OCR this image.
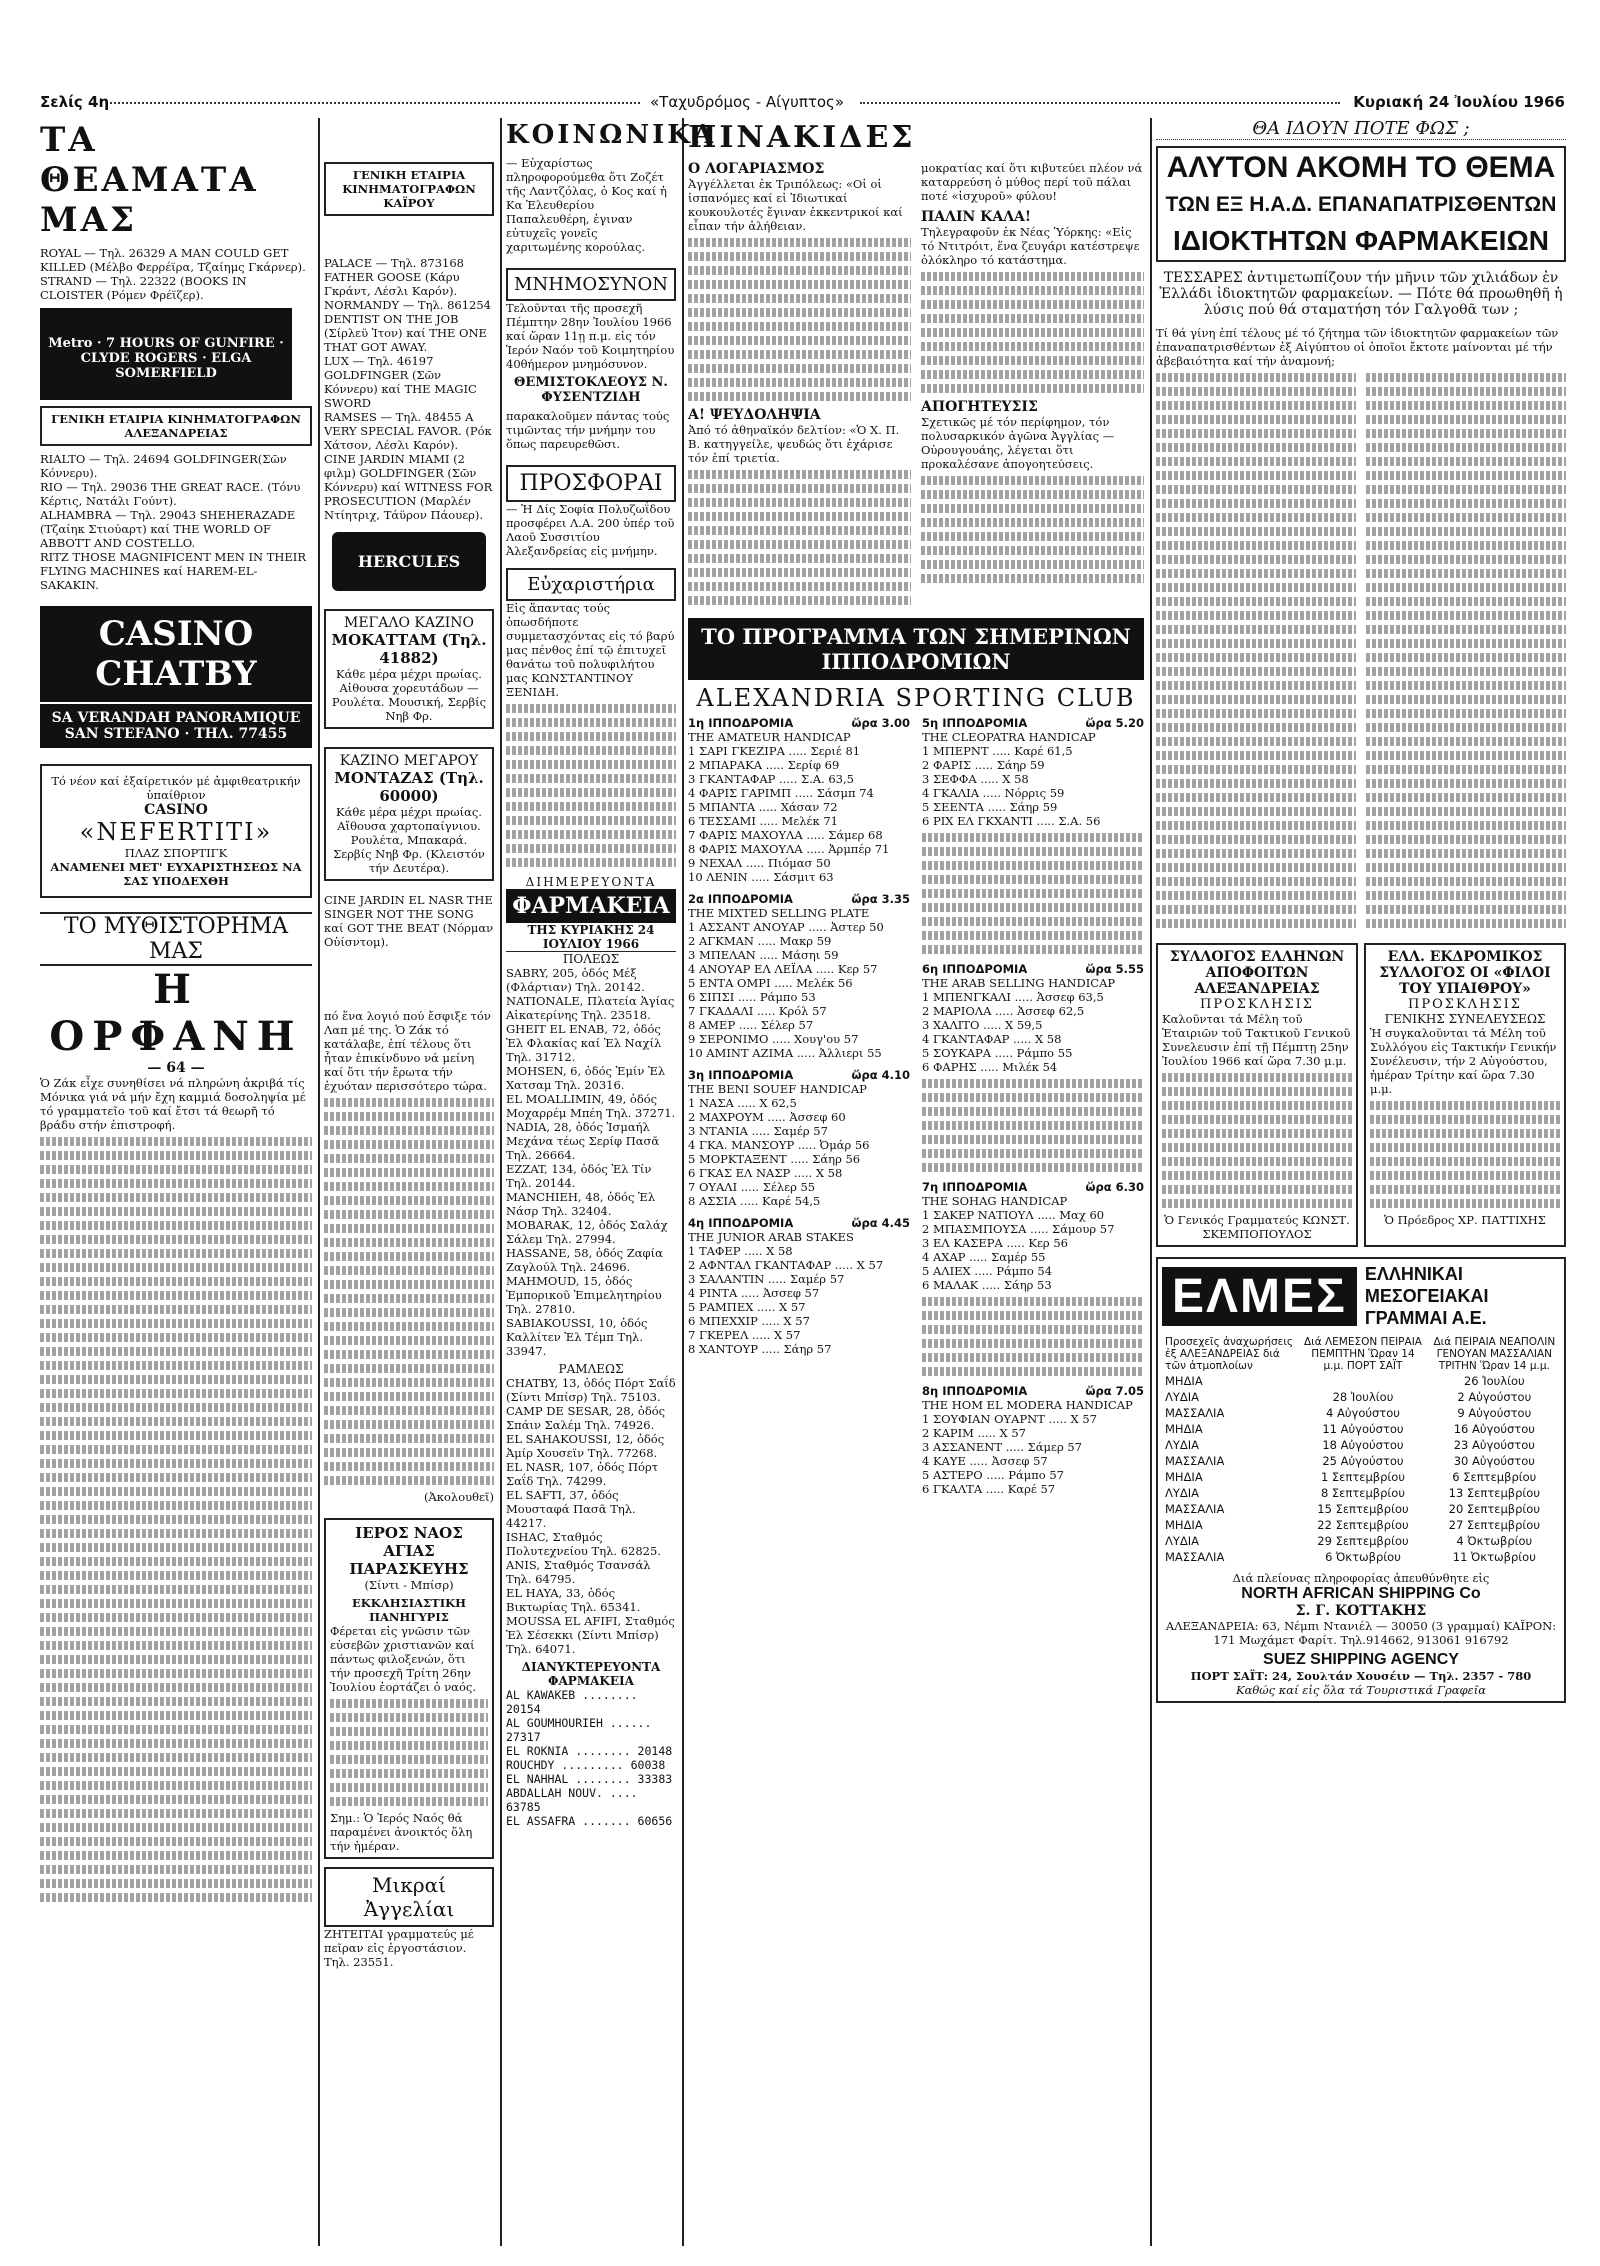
Σελίς 4η	«Ταχυδρόμος - Αίγυπτος»	Κυριακή 24 Ἰουλίου 1966
ΤΑ ΘΕΑΜΑΤΑ ΜΑΣ
ROYAL — Τηλ. 26329 A MAN COULD GET KILLED (Μέλβο Φερρέϊρα, Τζαίημς Γκάρνερ).
STRAND — Τηλ. 22322 (BOOKS IN CLOISTER (Ρόμεν Φρέϊζερ).
Metro · 7 HOURS OF GUNFIRE · CLYDE ROGERS · ELGA SOMERFIELD
ΓΕΝΙΚΗ ΕΤΑΙΡΙΑ ΚΙΝΗΜΑΤΟΓΡΑΦΩΝ ΑΛΕΞΑΝΔΡΕΙΑΣ
RIALTO — Τηλ. 24694 GOLDFINGER(Σῶν Κόννερυ).
RIO — Τηλ. 29036 THE GREAT RACE. (Τόνυ Κέρτις, Νατάλι Γούντ).
ALHAMBRA — Τηλ. 29043 SHEHERAZADE (Τζαίηκ Στιούαρτ) καί THE WORLD OF ABBOTT AND COSTELLO.
RITZ THOSE MAGNIFICENT MEN IN THEIR FLYING MACHINES καί HAREM-EL-SAKAKIN.
CASINO CHATBY
SA VERANDAH PANORAMIQUE SAN STEFANO · ΤΗΛ. 77455
Τό νέον καί ἐξαίρετικόν μέ ἀμφιθεατρικήν ὑπαίθριον
CASINO
«NEFERTITI»
ΠΛΑΖ ΣΠΟΡΤΙΓΚ
ΑΝΑΜΕΝΕΙ ΜΕΤ' ΕΥΧΑΡΙΣΤΗΣΕΩΣ ΝΑ ΣΑΣ ΥΠΟΔΕΧΘΗ
ΤΟ ΜΥΘΙΣΤΟΡΗΜΑ ΜΑΣ
Η ΟΡΦΑΝΗ
— 64 —
Ὁ Ζάκ εἶχε συνηθίσει νά πληρώνη ἀκριβά τίς Μόνικα γιά νά μήν ἔχη καμμιά δοσοληψία μέ τό γραμματεῖο τοῦ καί ἔτσι τά θεωρῆ τό βράδυ στήν ἐπιστροφή.
ΓΕΝΙΚΗ ΕΤΑΙΡΙΑ ΚΙΝΗΜΑΤΟΓΡΑΦΩΝ ΚΑΪΡΟΥ
PALACE — Τηλ. 873168 FATHER GOOSE (Κάρυ Γκράντ, Λέσλι Καρόν).
NORMANDY — Τηλ. 861254 DENTIST ON THE JOB (Σίρλεϋ Ἰτον) καί THE ONE THAT GOT AWAY.
LUX — Τηλ. 46197 GOLDFINGER (Σῶν Κόννερυ) καί THE MAGIC SWORD
RAMSES — Τηλ. 48455 A VERY SPECIAL FAVOR. (Ρόκ Χάτσον, Λέσλι Καρόν).
CINE JARDIN MIAMI (2 φιλμ) GOLDFINGER (Σῶν Κόννερυ) καί WITNESS FOR PROSECUTION (Μαρλέν Ντίητριχ, Τάϋρον Πάουερ).
HERCULES
ΜΕΓΑΛΟ ΚΑΖΙΝΟ
ΜΟΚΑΤΤΑΜ (Τηλ. 41882)
Κάθε μέρα μέχρι πρωίας. Αἰθουσα χορευτάδων — Ρουλέτα. Μουσική, Σερβίς Νηβ Φρ.
ΚΑΖΙΝΟ ΜΕΓΑΡΟΥ
ΜΟΝΤΑΖΑΣ (Τηλ. 60000)
Κάθε μέρα μέχρι πρωίας. Αἴθουσα χαρτοπαίγνιου. Ρουλέτα, Μπακαρά. Σερβίς Νηβ Φρ. (Κλειστόν τήν Δευτέρα).
CINE JARDIN EL NASR THE SINGER NOT THE SONG καί GOT THE BEAT (Νόρμαν Οὐίσντομ).
πό ἕνα λογιό πού ἔσφιξε τόν Λαπ μέ της. Ὁ Ζάκ τό κατάλαβε, ἐπί τέλους ὅτι ἦταν ἐπικίνδυνο νά μείνη καί ὅτι τήν ἔρωτα τήν ἐχυόταν περισσότερο τώρα.
(Ἀκολουθεῖ)
ΙΕΡΟΣ ΝΑΟΣ ΑΓΙΑΣ ΠΑΡΑΣΚΕΥΗΣ
(Σίντι - Μπίσρ)
ΕΚΚΛΗΣΙΑΣΤΙΚΗ ΠΑΝΗΓΥΡΙΣ
Φέρεται εἰς γνῶσιν τῶν εὐσεβῶν χριστιανῶν καί πάντως φιλοξενών, ὅτι τήν προσεχῆ Τρίτη 26ην Ἰουλίου ἑορτάζει ὁ ναός.
Σημ.: Ὁ Ἱερός Ναός θά παραμένει ἀνοικτός ὅλη τήν ἡμέραν.
Μικραί Ἀγγελίαι
ΖΗΤΕΙΤΑΙ γραμματεύς μέ πεῖραν εἰς ἐργοστάσιον. Τηλ. 23551.
ΚΟΙΝΩΝΙΚΑ
— Εὐχαρίστως πληροφορούμεθα ὅτι Ζοζέτ τῆς Λαντζόλας, ὁ Κος καί ἡ Κα Ἐλευθερίου Παπαλευθέρη, ἐγιναν εὐτυχεῖς γονεῖς χαριτωμένης κορούλας.
ΜΝΗΜΟΣΥΝΟΝ
Τελοῦνται τῆς προσεχῆ Πέμπτην 28ην Ἰουλίου 1966 καί ὥραν 11ῃ π.μ. εἰς τόν Ἱερόν Ναόν τοῦ Κοιμητηρίου 40θήμερον μνημόσυνον.
ΘΕΜΙΣΤΟΚΛΕΟΥΣ Ν. ΦΥΣΕΝΤΖΙΔΗ
παρακαλοῦμεν πάντας τούς τιμῶντας τήν μνήμην του ὅπως παρευρεθῶσι.
ΠΡΟΣΦΟΡΑΙ
— Ἡ Δίς Σοφία Πολυζωΐδου προσφέρει Λ.Α. 200 ὑπέρ τοῦ Λαοῦ Συσσιτίου Ἀλεξανδρείας εἰς μνήμην.
Εὐχαριστήρια
Εἰς ἅπαντας τούς ὁπωσδήποτε συμμετασχόντας εἰς τό βαρύ μας πένθος ἐπί τῷ ἐπιτυχεῖ θανάτω τοῦ πολυφιλήτου μας ΚΩΝΣΤΑΝΤΙΝΟΥ ΞΕΝΙΔΗ.
ΔΙΗΜΕΡΕΥΟΝΤΑ
ΦΑΡΜΑΚΕΙΑ
ΤΗΣ ΚΥΡΙΑΚΗΣ 24 ΙΟΥΛΙΟΥ 1966
ΠΟΛΕΩΣ
SABRY, 205, ὁδός Μέξ (Φλάρτιαν) Τηλ. 20142.
NATIONALE, Πλατεία Ἁγίας Αἰκατερίνης Τηλ. 23518.
GHEIT EL ENAB, 72, ὁδός Ἐλ Φλακίας καί Ἐλ Ναχίλ Τηλ. 31712.
MOHSEN, 6, ὁδός Ἐμίν Ἐλ Χατσαμ Τηλ. 20316.
EL MOALLIMIN, 49, ὁδός Μοχαρρέμ Μπέη Τηλ. 37271.
NADIA, 28, ὁδός Ἰσμαήλ Μεχάνα τέως Σερίφ Πασᾶ Τηλ. 26664.
EZZAT, 134, ὁδός Ἐλ Τίν Τηλ. 20144.
MANCHIEH, 48, ὁδός Ἐλ Νάσρ Τηλ. 32404.
MOBARAK, 12, ὁδός Σαλάχ Σάλεμ Τηλ. 27994.
HASSANE, 58, ὁδός Ζαφία Ζαγλούλ Τηλ. 24696.
MAHMOUD, 15, ὁδός Ἐμπορικοῦ Ἐπιμελητηρίου Τηλ. 27810.
SABIAKOUSSI, 10, ὁδός Καλλίτεν Ἐλ Τέμπ Τηλ. 33947.
ΡΑΜΛΕΩΣ
CHATBY, 13, ὁδός Πόρτ Σαΐδ (Σίντι Μπίσρ) Τηλ. 75103.
CAMP DE SESAR, 28, ὁδός Σπάιν Σαλέμ Τηλ. 74926.
EL SAHAKOUSSI, 12, ὁδός Ἀμίρ Χουσεϊν Τηλ. 77268.
EL NASR, 107, ὁδός Πόρτ Σαΐδ Τηλ. 74299.
EL SAFTI, 37, ὁδός Μουσταφά Πασᾶ Τηλ. 44217.
ISHAC, Σταθμός Πολυτεχνείου Τηλ. 62825.
ANIS, Σταθμός Τσανσάλ Τηλ. 64795.
EL HAYA, 33, ὁδός Βικτωρίας Τηλ. 65341.
MOUSSA EL AFIFI, Σταθμός Ἐλ Σέσεκκι (Σίντι Μπίσρ) Τηλ. 64071.
ΔΙΑΝΥΚΤΕΡΕΥΟΝΤΑ ΦΑΡΜΑΚΕΙΑ
AL KAWAKEB ........ 20154
AL GOUMHOURIEH ...... 27317
EL ROKNIA ........ 20148
ROUCHDY ......... 60038
EL NAHHAL ........ 33383
ABDALLAH NOUV. .... 63785
EL ASSAFRA ....... 60656
ΠΙΝΑΚΙΔΕΣ
Ο ΛΟΓΑΡΙΑΣΜΟΣ
Ἀγγέλλεται ἐκ Τριπόλεως: «Οἱ οἱ ἰσπανόμες καί εἰ Ἰδιωτικαί κουκουλοτές ἔγιναν ἐκκεντρικοί καί εἶπαν τήν ἀλήθειαν.
Α! ΨΕΥΔΟΛΗΨΙΑ
Ἀπό τό ἀθηναϊκόν δελτίον: «Ὁ Χ. Π. Β. κατηγγείλε, ψευδώς ὅτι ἐχάρισε τόν ἐπί τριετία.
μοκρατίας καί ὅτι κιβυτεύει πλέον νά καταρρεύση ὁ μύθος περί τοῦ πάλαι ποτέ «ἰσχυροῦ» φύλου!
ΠΑΛΙΝ ΚΑΛΑ!
Τηλεγραφοῦν ἐκ Νέας Ὑόρκης: «Εἰς τό Ντιτρόιτ, ἕνα ζευγάρι κατέστρεψε ὁλόκληρο τό κατάστημα.
ΑΠΟΓΗΤΕΥΣΙΣ
Σχετικῶς μέ τόν περίφημον, τόν πολυσαρκικόν ἀγῶνα Ἀγγλίας — Οὐρουγουάης, λέγεται ὅτι προκαλέσανε ἀπογοητεύσεις.
ΤΟ ΠΡΟΓΡΑΜΜΑ ΤΩΝ ΣΗΜΕΡΙΝΩΝ ΙΠΠΟΔΡΟΜΙΩΝ
ALEXANDRIA SPORTING CLUB
1η ΙΠΠΟΔΡΟΜΙΑ	ὥρα 3.00
THE AMATEUR HANDICAP
1 ΣΑΡΙ ΓΚΕΖΙΡΑ ..... Σεριέ 81
2 ΜΠΑΡΑΚΑ ..... Σερίφ 69
3 ΓΚΑΝΤΑΦΑΡ ..... Σ.Α. 63,5
4 ΦΑΡΙΣ ΓΑΡΙΜΠ ..... Σάσμπ 74
5 ΜΠΑΝΤΑ ..... Χάσαν 72
6 ΤΕΣΣΑΜΙ ..... Μελέκ 71
7 ΦΑΡΙΣ ΜΑΧΟΥΛΑ ..... Σάμερ 68
8 ΦΑΡΙΣ ΜΑΧΟΥΛΑ ..... Ἀρμπέρ 71
9 ΝΕΧΑΛ ..... Πιόμασ 50
10 ΛΕΝΙΝ ..... Σάσμιτ 63
2α ΙΠΠΟΔΡΟΜΙΑ	ὥρα 3.35
THE MIXTED SELLING PLATE
1 ΑΣΣΑΝΤ ΑΝΟΥΑΡ ..... Ἀστερ 50
2 ΑΓΚΜΑΝ ..... Μακρ 59
3 ΜΠΕΛΑΝ ..... Μάσηι 59
4 ΑΝΟΥΑΡ ΕΛ ΛΕΪΛΑ ..... Κερ 57
5 ΕΝΤΑ ΟΜΡΙ ..... Μελέκ 56
6 ΣΙΠΣΙ ..... Ράμπο 53
7 ΓΚΑΔΑΛΙ ..... Κρόλ 57
8 ΑΜΕΡ ..... Σέλερ 57
9 ΣΕΡΟΝΙΜΟ ..... Χουγ'ου 57
10 ΑΜΙΝΤ ΑΖΙΜΑ ..... Ἀλλιερι 55
3η ΙΠΠΟΔΡΟΜΙΑ	ὥρα 4.10
THE BENI SOUEF HANDICAP
1 ΝΑΣΑ ..... Χ 62,5
2 ΜΑΧΡΟΥΜ ..... Ἀσσεφ 60
3 ΝΤΑΝΙΑ ..... Σαμέρ 57
4 ΓΚΑ. ΜΑΝΣΟΥΡ ..... Ὀμάρ 56
5 ΜΟΡΚΤΑΞΕΝΤ ..... Σάηρ 56
6 ΓΚΑΣ ΕΛ ΝΑΣΡ ..... Χ 58
7 ΟΥΑΛΙ ..... Σέλερ 55
8 ΑΣΣΙΑ ..... Καρέ 54,5
4η ΙΠΠΟΔΡΟΜΙΑ	ὥρα 4.45
THE JUNIOR ARAB STAKES
1 ΤΑΦΕΡ ..... Χ 58
2 ΑΦΝΤΑΛ ΓΚΑΝΤΑΦΑΡ ..... Χ 57
3 ΣΑΛΑΝΤΙΝ ..... Σαμέρ 57
4 ΡΙΝΤΑ ..... Ἀσσεφ 57
5 ΡΑΜΠΕΧ ..... Χ 57
6 ΜΠΕΧΧΙΡ ..... Χ 57
7 ΓΚΕΡΕΛ ..... Χ 57
8 ΧΑΝΤΟΥΡ ..... Σάηρ 57
5η ΙΠΠΟΔΡΟΜΙΑ	ὥρα 5.20
THE CLEOPATRA HANDICAP
1 ΜΠΕΡΝΤ ..... Καρέ 61,5
2 ΦΑΡΙΣ ..... Σάηρ 59
3 ΣΕΦΦΑ ..... Χ 58
4 ΓΚΑΛΙΑ ..... Νόρρις 59
5 ΣΕΕΝΤΑ ..... Σάηρ 59
6 ΡΙΧ ΕΛ ΓΚΧΑΝΤΙ ..... Σ.Α. 56
6η ΙΠΠΟΔΡΟΜΙΑ	ὥρα 5.55
THE ARAB SELLING HANDICAP
1 ΜΠΕΝΓΚΑΛΙ ..... Ἀσσεφ 63,5
2 ΜΑΡΙΟΛΑ ..... Ἀσσεφ 62,5
3 ΧΑΛΙΤΟ ..... Χ 59,5
4 ΓΚΑΝΤΑΦΑΡ ..... Χ 58
5 ΣΟΥΚΑΡΑ ..... Ράμπο 55
6 ΦΑΡΗΣ ..... Μιλέκ 54
7η ΙΠΠΟΔΡΟΜΙΑ	ὥρα 6.30
THE SOHAG HANDICAP
1 ΣΑΚΕΡ ΝΑΤΙΟΥΛ ..... Μαχ 60
2 ΜΠΑΣΜΠΟΥΣΑ ..... Σάμουρ 57
3 ΕΛ ΚΑΣΕΡΑ ..... Κερ 56
4 ΑΧΑΡ ..... Σαμέρ 55
5 ΑΛΙΕΧ ..... Ράμπο 54
6 ΜΑΛΑΚ ..... Σάηρ 53
8η ΙΠΠΟΔΡΟΜΙΑ	ὥρα 7.05
THE HOM EL MODERA HANDICAP
1 ΣΟΥΦΙΑΝ ΟΥΑΡΝΤ ..... Χ 57
2 ΚΑΡΙΜ ..... Χ 57
3 ΑΣΣΑΝΕΝΤ ..... Σάμερ 57
4 ΚΑΥΕ ..... Ἀσσεφ 57
5 ΑΣΤΕΡΟ ..... Ράμπο 57
6 ΓΚΑΛΤΑ ..... Καρέ 57
ΘΑ ΙΔΟΥΝ ΠΟΤΕ ΦΩΣ ;
ΑΛΥΤΟΝ ΑΚΟΜΗ ΤΟ ΘΕΜΑ
ΤΩΝ ΕΞ Η.Α.Δ. ΕΠΑΝΑΠΑΤΡΙΣΘΕΝΤΩΝ
ΙΔΙΟΚΤΗΤΩΝ ΦΑΡΜΑΚΕΙΩΝ
ΤΕΣΣΑΡΕΣ ἀντιμετωπίζουν τήν μῆνιν τῶν χιλιάδων ἐν Ἑλλάδι ἰδιοκτητῶν φαρμακείων. — Πότε θά προωθηθῆ ἡ λύσις πού θά σταματήση τόν Γαλγοθᾶ των ;
Τί θά γίνη ἐπί τέλους μέ τό ζήτημα τῶν ἰδιοκτητῶν φαρμακείων τῶν ἐπαναπατρισθέντων ἐξ Αἰγύπτου οἱ ὁποῖοι ἔκτοτε μαίνονται μέ τήν ἀβεβαιότητα καί τήν ἀναμονή;
ΣΥΛΛΟΓΟΣ ΕΛΛΗΝΩΝ ΑΠΟΦΟΙΤΩΝ ΑΛΕΞΑΝΔΡΕΙΑΣ
ΠΡΟΣΚΛΗΣΙΣ
Καλοῦνται τά Μέλη τοῦ Ἑταιριῶν τοῦ Τακτικοῦ Γενικοῦ Συνελευσιν ἐπί τῇ Πέμπτῃ 25ην Ἰουλίου 1966 καί ὥρα 7.30 μ.μ.
Ὁ Γενικός Γραμματεύς ΚΩΝΣΤ. ΣΚΕΜΠΟΠΟΥΛΟΣ
ΕΛΛ. ΕΚΔΡΟΜΙΚΟΣ ΣΥΛΛΟΓΟΣ ΟΙ «ΦΙΛΟΙ ΤΟΥ ΥΠΑΙΘΡΟΥ»
ΠΡΟΣΚΛΗΣΙΣ
ΓΕΝΙΚΗΣ ΣΥΝΕΛΕΥΣΕΩΣ
Ἡ συγκαλοῦνται τά Μέλη τοῦ Συλλόγου εἰς Τακτικήν Γενικήν Συνέλευσιν, τήν 2 Αὐγούστου, ἡμέραν Τρίτην καί ὥρα 7.30 μ.μ.
Ὁ Πρόεδρος ΧΡ. ΠΑΤΤΙΧΗΣ
ΕΛΜΕΣ	ΕΛΛΗΝΙΚΑΙ ΜΕΣΟΓΕΙΑΚΑΙ ΓΡΑΜΜΑΙ Α.Ε.
Προσεχεῖς ἀναχωρήσεις ἐξ ΑΛΕΞΑΝΔΡΕΙΑΣ διά τῶν ἀτμοπλοίων	Διά ΛΕΜΕΣΟΝ ΠΕΙΡΑΙΑ ΠΕΜΠΤΗΝ Ὥραν 14 μ.μ. ΠΟΡΤ ΣΑΪΤ	Διά ΠΕΙΡΑΙΑ ΝΕΑΠΟΛΙΝ ΓΕΝΟΥΑΝ ΜΑΣΣΑΛΙΑΝ ΤΡΙΤΗΝ Ὥραν 14 μ.μ.
ΜΗΔΙΑ		26 Ἰουλίου
ΛΥΔΙΑ	28 Ἰουλίου	2 Αὐγούστου
ΜΑΣΣΑΛΙΑ	4 Αὐγούστου	9 Αὐγούστου
ΜΗΔΙΑ	11 Αὐγούστου	16 Αὐγούστου
ΛΥΔΙΑ	18 Αὐγούστου	23 Αὐγούστου
ΜΑΣΣΑΛΙΑ	25 Αὐγούστου	30 Αὐγούστου
ΜΗΔΙΑ	1 Σεπτεμβρίου	6 Σεπτεμβρίου
ΛΥΔΙΑ	8 Σεπτεμβρίου	13 Σεπτεμβρίου
ΜΑΣΣΑΛΙΑ	15 Σεπτεμβρίου	20 Σεπτεμβρίου
ΜΗΔΙΑ	22 Σεπτεμβρίου	27 Σεπτεμβρίου
ΛΥΔΙΑ	29 Σεπτεμβρίου	4 Ὀκτωβρίου
ΜΑΣΣΑΛΙΑ	6 Ὀκτωβρίου	11 Ὀκτωβρίου
Διά πλείονας πληροφορίας ἀπευθύνθητε εἰς
NORTH AFRICAN SHIPPING Co
Σ. Γ. ΚΟΤΤΑΚΗΣ
ΑΛΕΞΑΝΔΡΕΙΑ: 63, Νέμπι Ντανιέλ — 30050 (3 γραμμαί) ΚΑΪΡΟΝ: 171 Μωχάμετ Φαρίτ. Τηλ.914662, 913061 916792
SUEZ SHIPPING AGENCY
ΠΟΡΤ ΣΑΪΤ: 24, Σουλτάν Χουσέιν — Τηλ. 2357 - 780
Καθώς καί εἰς ὅλα τά Τουριστικά Γραφεῖα
